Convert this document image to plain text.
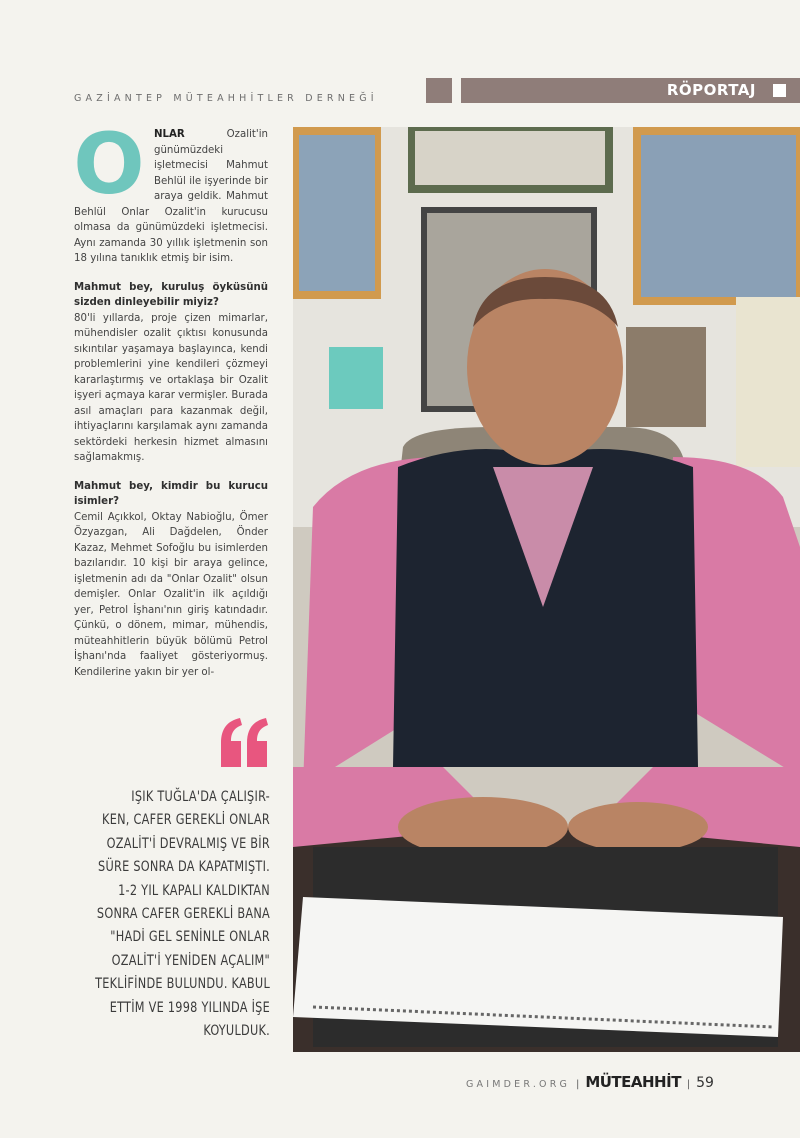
GAZİANTEP MÜTEAHHİTLER DERNEĞİ	RÖPORTAJ
O NLAR Ozalit'in günümüzdeki işletmecisi Mahmut Behlül ile işyerinde bir araya geldik. Mahmut Behlül Onlar Ozalit'in kurucusu olmasa da günümüzdeki işletmecisi. Aynı zamanda 30 yıllık işletmenin son 18 yılına tanıklık etmiş bir isim.

Mahmut bey, kuruluş öyküsünü sizden dinleyebilir miyiz?

80'li yıllarda, proje çizen mimarlar, mühendisler ozalit çıktısı konusunda sıkıntılar yaşamaya başlayınca, kendi problemlerini yine kendileri çözmeyi kararlaştırmış ve ortaklaşa bir Ozalit işyeri açmaya karar vermişler. Burada asıl amaçları para kazanmak değil, ihtiyaçlarını karşılamak aynı zamanda sektördeki herkesin hizmet almasını sağlamakmış.

Mahmut bey, kimdir bu kurucu isimler?

Cemil Açıkkol, Oktay Nabioğlu, Ömer Özyazgan, Ali Dağdelen, Önder Kazaz, Mehmet Sofoğlu bu isimlerden bazılarıdır. 10 kişi bir araya gelince, işletmenin adı da "Onlar Ozalit" olsun demişler. Onlar Ozalit'in ilk açıldığı yer, Petrol İşhanı'nın giriş katındadır. Çünkü, o dönem, mimar, mühendis, müteahhitlerin büyük bölümü Petrol İşhanı'nda faaliyet gösteriyormuş. Kendilerine yakın bir yer ol-

IŞIK TUĞLA'DA ÇALIŞIR-
KEN, CAFER GEREKLİ ONLAR
OZALİT'İ DEVRALMIŞ VE BİR
SÜRE SONRA DA KAPATMIŞTI.
1-2 YIL KAPALI KALDIKTAN
SONRA CAFER GEREKLİ BANA
"HADİ GEL SENİNLE ONLAR
OZALİT'İ YENİDEN AÇALIM"
TEKLİFİNDE BULUNDU. KABUL
ETTİM VE 1998 YILINDA İŞE
KOYULDUK.
GAIMDER.ORG | MÜTEAHHİT | 59
